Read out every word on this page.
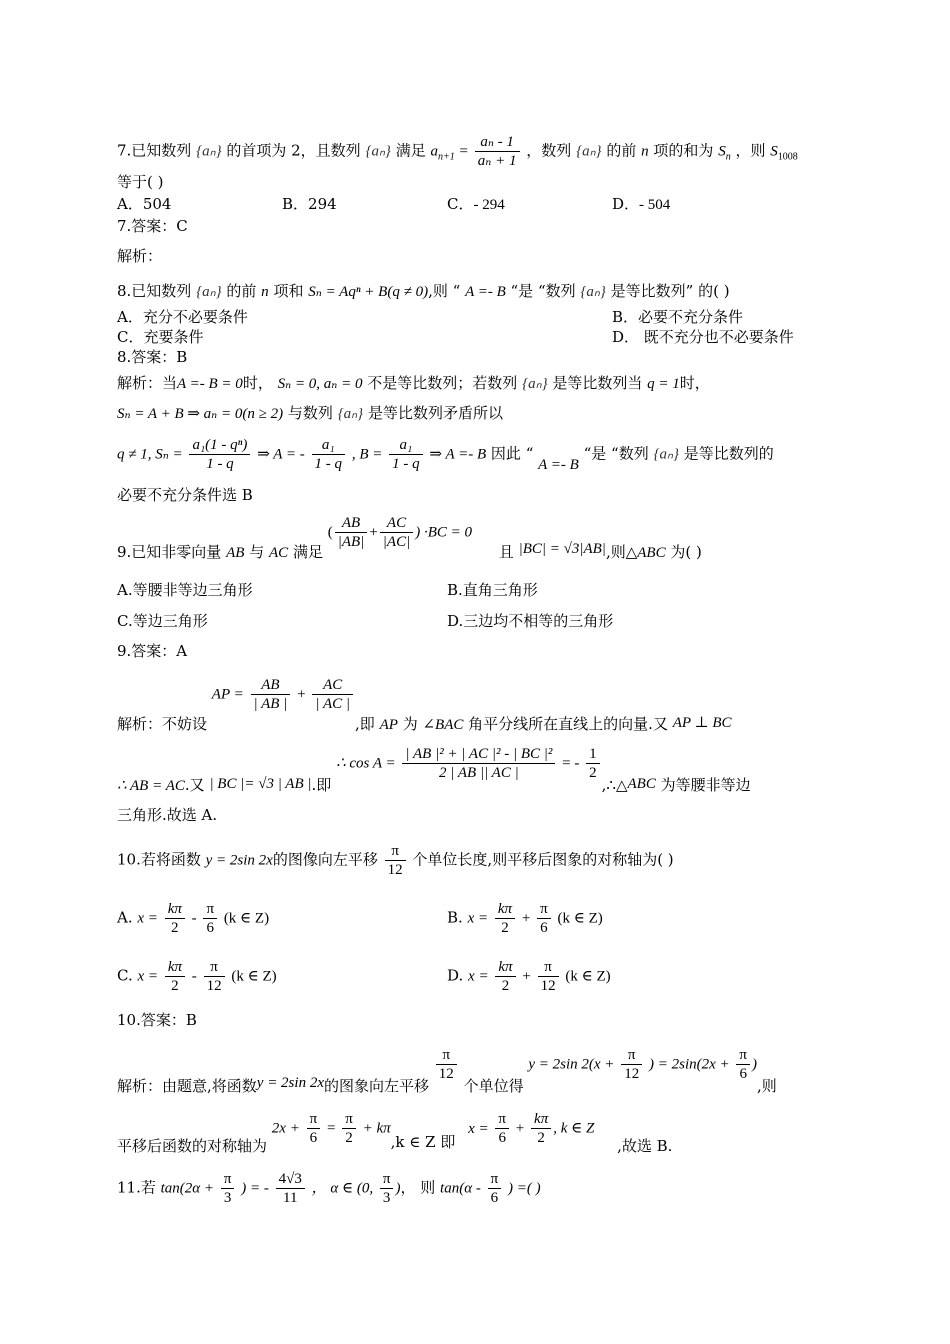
7.已知数列 {aₙ} 的首项为 2，且数列 {aₙ} 满足 $a_{n+1} = \frac{\text{aₙ - 1}}{\text{aₙ + 1}}$ ，数列 {aₙ} 的前 n 项的和为 $S_n$ ，则 $S_{1008}$
等于( )
A．504	B．294	C．- 294	D．- 504
7.答案：C
解析：
8.已知数列 {aₙ} 的前 n 项和 Sₙ = Aqⁿ + B(q ≠ 0),则 “ A =- B “是 “数列 {aₙ} 是等比数列” 的( )
A．充分不必要条件	B．必要不充分条件
C．充要条件	D． 既不充分也不必要条件
8.答案：B
解析：当A =- B = 0时， Sₙ = 0, aₙ = 0 不是等比数列；若数列 {aₙ} 是等比数列当 q = 1时，
Sₙ = A + B ⇒ aₙ = 0(n ≥ 2) 与数列 {aₙ} 是等比数列矛盾所以
q ≠ 1, $S_n = \frac{\text{a₁(1 - qⁿ)}}{1 - q}$ ⇒ A = - $\frac{\text{a₁}}{1 - q}$ , $B = \frac{\text{a₁}}{1 - q}$ ⇒ A =- B 因此 “ A =- B “是 “数列 {aₙ} 是等比数列的
必要不充分条件选 B
9.已知非零向量 AB 与 AC 满足 ( $\frac{AB}{|AB|} + \frac{AC}{|AC|}$ ) ·BC = 0 且 |BC| = √3|AB|,则△ABC 为( )
A.等腰非等边三角形	B.直角三角形
C.等边三角形	D.三边均不相等的三角形
9.答案：A
解析：不妨设 AP = $\frac{AB}{| AB |} + \frac{AC}{| AC |}$
,即 AP 为 ∠BAC 角平分线所在直线上的向量.又 AP ⊥ BC
∴ AB = AC.又 | BC |= √3 | AB |.即 ∴ $\cos A = \frac{\text{| AB |² + | AC |² - | BC |²}}{2 | AB || AC |}$ = - $\frac{1}{2}$
,∴△ABC 为等腰非等边
三角形.故选 A.
10.若将函数 y = 2sin 2x的图像向左平移 $\frac{\pi}{12}$ 个单位长度,则平移后图象的对称轴为( )
A. $x = \frac{k\pi}{2} - \frac{\pi}{6} (k$ ∈ Z)	B. $x = \frac{k\pi}{2} + \frac{\pi}{6} (k$ ∈ Z)
C. $x = \frac{k\pi}{2} - \frac{\pi}{12} (k$ ∈ Z)	D. $x = \frac{k\pi}{2} + \frac{\pi}{12} (k$ ∈ Z)
10.答案：B
解析：由题意,将函数y = 2sin 2x的图象向左平移
$\frac{\pi}{12}$
个单位得 y = 2sin $2(x + \frac{\pi}{12}$ ) = $2\sin(2x + \frac{\pi}{6}$ ),则
平移后函数的对称轴为 $2x + \frac{\pi}{6} = \frac{\pi}{2} + k\pi,k$ ∈ Z 即 $x = \frac{\pi}{6} + \frac{k\pi}{2}$ , k ∈ Z ,故选 B.
11.若 $\tan(2\alpha + \frac{\pi}{3}$ ) = - $\frac{4√3}{11}$ ， α ∈ (0, $\frac{\pi}{3}$ )， 则 $\tan(\alpha - \frac{\pi}{6}$ ) =( )
